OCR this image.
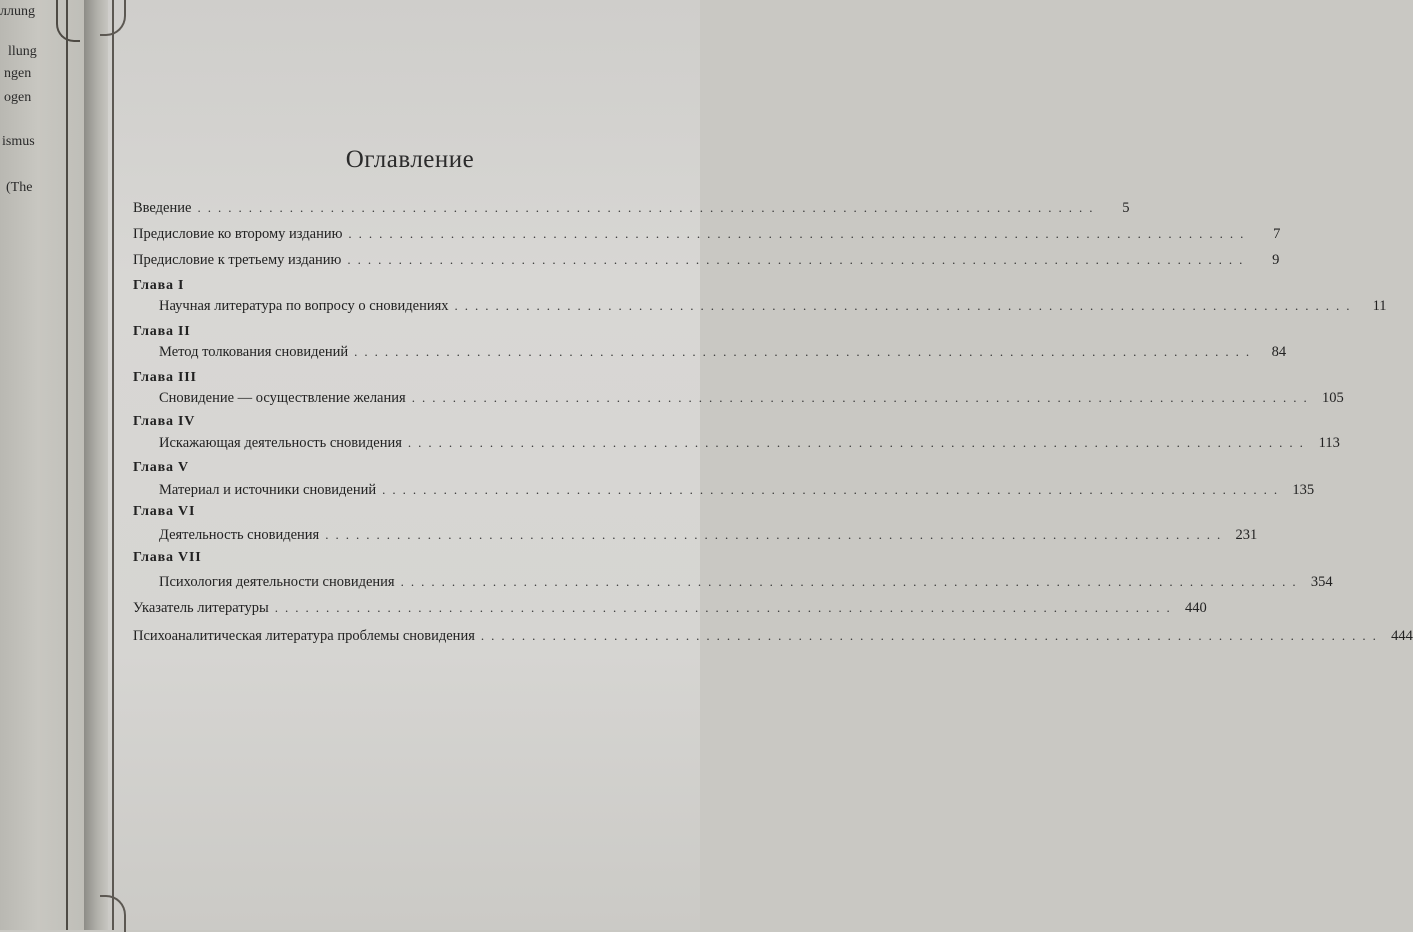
ллung
llung
ngen
ogen
ismus
(The
Оглавление
Введение ........................................................................................	5
Предисловие ко второму изданию ........................................................................................	7
Предисловие к третьему изданию ........................................................................................	9
Глава I
Научная литература по вопросу о сновидениях ........................................................................................	11
Глава II
Метод толкования сновидений ........................................................................................	84
Глава III
Сновидение — осуществление желания ........................................................................................ 105
Глава IV
Искажающая деятельность сновидения ........................................................................................ 113
Глава V
Материал и источники сновидений ........................................................................................ 135
Глава VI
Деятельность сновидения ........................................................................................ 231
Глава VII
Психология деятельности сновидения ........................................................................................ 354
Указатель литературы ........................................................................................ 440
Психоаналитическая литература проблемы сновидения ........................................................................................ 444
